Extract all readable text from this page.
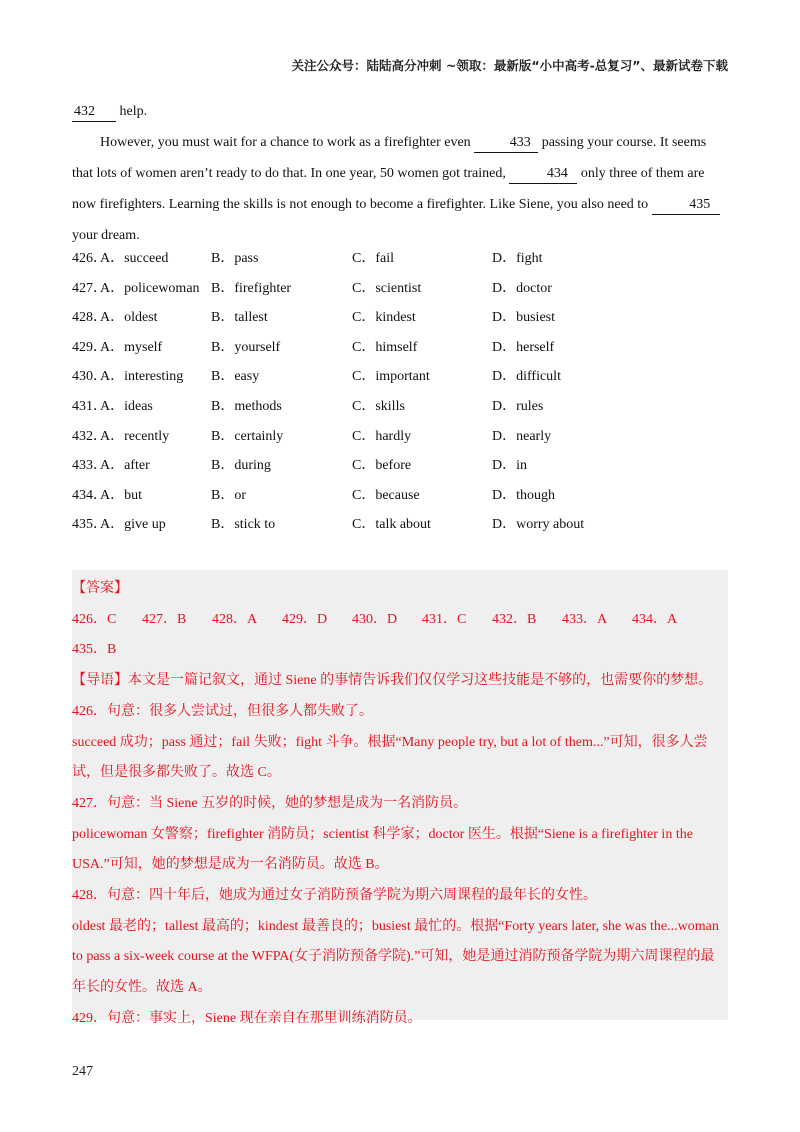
关注公众号：陆陆高分冲刺 ~领取：最新版“小中高考-总复习”、最新试卷下载

432 help.

However, you must wait for a chance to work as a firefighter even	433 passing your course. It seems that lots of women aren’t ready to do that. In one year, 50 women got trained,	434 only three of them are now firefighters. Learning the skills is not enough to become a firefighter. Like Siene, you also need to	435 your dream.

426．
A．succeed	B．pass	C．fail	D．fight
427．
A．policewoman B．firefighter	C．scientist	D．doctor
428．
A．oldest	B．tallest	C．kindest	D．busiest
429．
A．myself	B．yourself	C．himself	D．herself
430．
A．interesting B．easy	C．important	D．difficult
431．
A．ideas	B．methods	C．skills	D．rules
432．
A．recently	B．certainly	C．hardly	D．nearly
433．
A．after	B．during	C．before	D．in
434．
A．but	B．or	C．because	D．though
435．
A．give up	B．stick to	C．talk about	D．worry about

【答案】

426．C 427．B 428．A 429．D 430．D 431．C 432．B 433．A 434．A

435．B

【导语】本文是一篇记叙文，通过 Siene 的事情告诉我们仅仅学习这些技能是不够的，也需要你的梦想。

426．句意：很多人尝试过，但很多人都失败了。

succeed 成功；pass 通过；fail 失败；fight 斗争。根据“Many people try, but a lot of them...”可知，很多人尝试，但是很多都失败了。故选 C。

427．句意：当 Siene 五岁的时候，她的梦想是成为一名消防员。

policewoman 女警察；firefighter 消防员；scientist 科学家；doctor 医生。根据“Siene is a firefighter in the USA.”可知，她的梦想是成为一名消防员。故选 B。

428．句意：四十年后，她成为通过女子消防预备学院为期六周课程的最年长的女性。

oldest 最老的；tallest 最高的；kindest 最善良的；busiest 最忙的。根据“Forty years later, she was the...woman to pass a six-week course at the WFPA(女子消防预备学院).”可知，她是通过消防预备学院为期六周课程的最年长的女性。故选 A。

429．句意：事实上，Siene 现在亲自在那里训练消防员。

247
